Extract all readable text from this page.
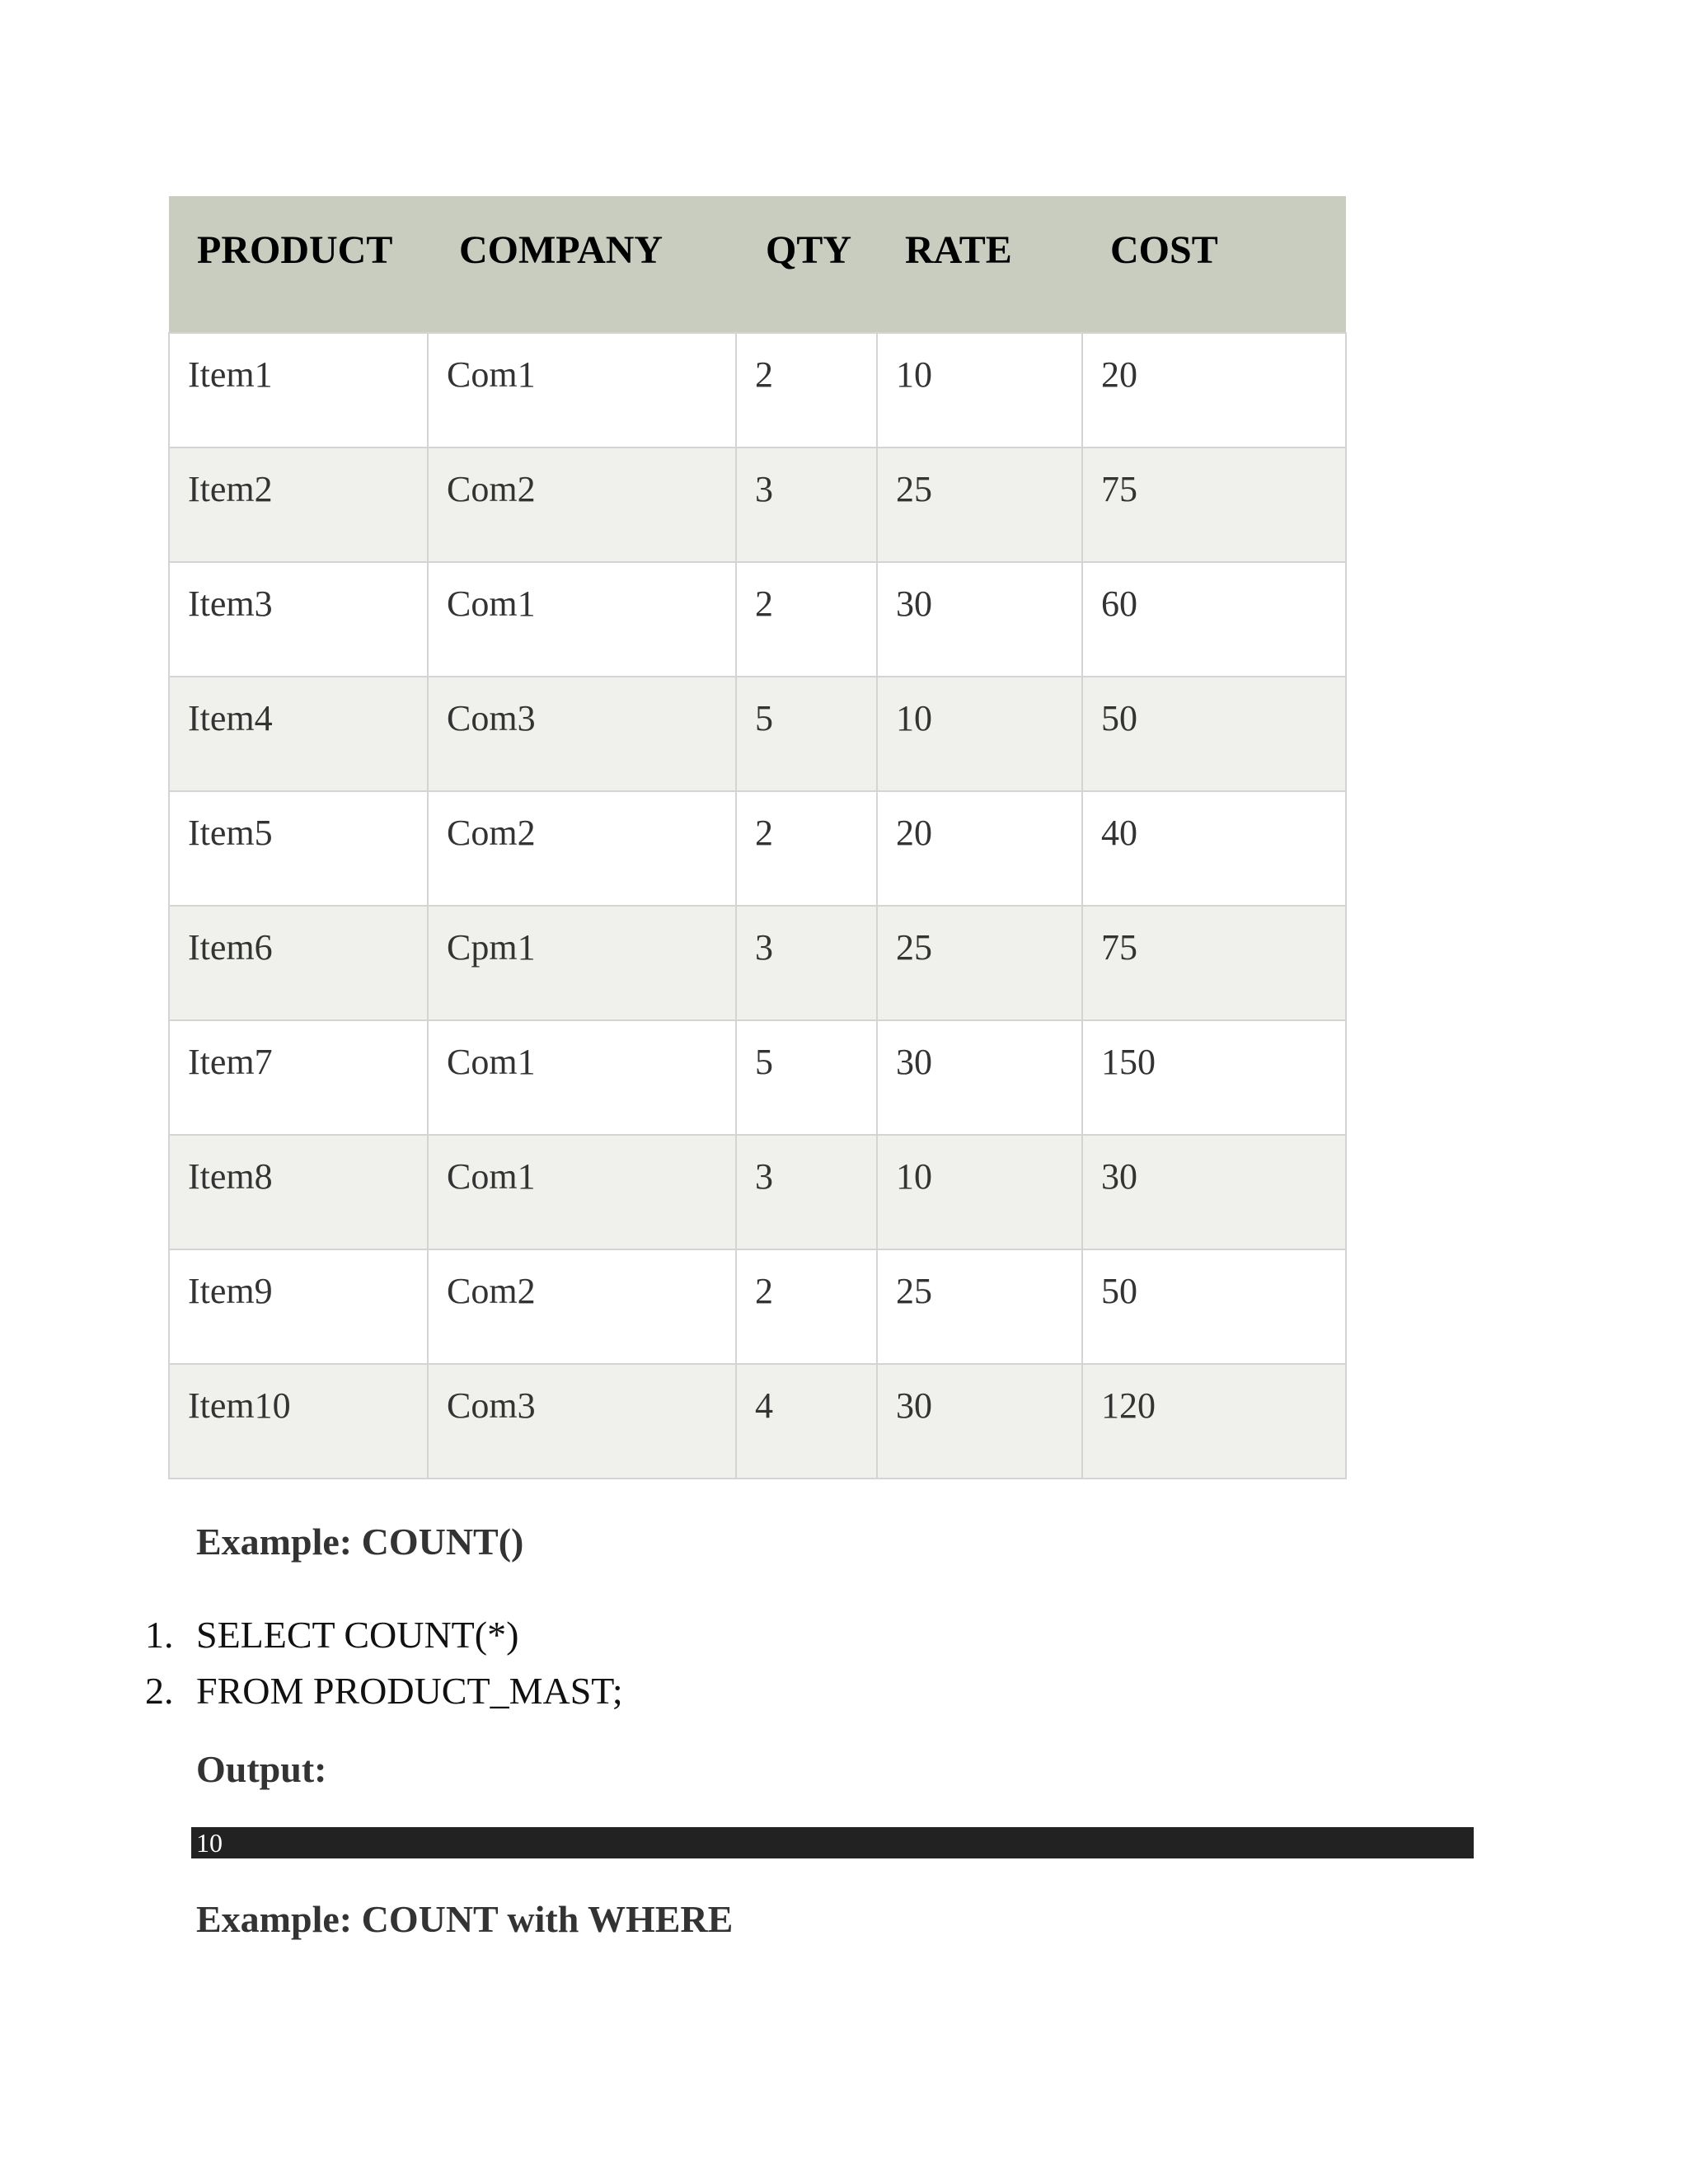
PRODUCT	COMPANY	QTY	RATE	COST
Item1	Com1	2	10	20
Item2	Com2	3	25	75
Item3	Com1	2	30	60
Item4	Com3	5	10	50
Item5	Com2	2	20	40
Item6	Cpm1	3	25	75
Item7	Com1	5	30	150
Item8	Com1	3	10	30
Item9	Com2	2	25	50
Item10	Com3	4	30	120
Example: COUNT()
1. SELECT COUNT(*)
2. FROM PRODUCT_MAST;
Output:
10
Example: COUNT with WHERE
